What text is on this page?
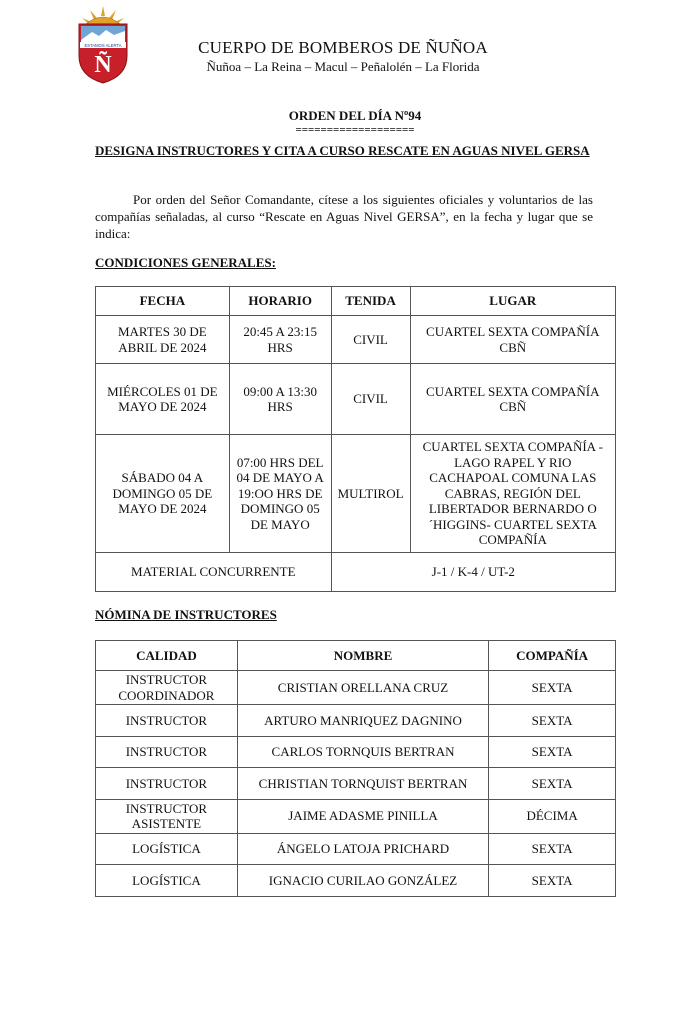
ESTAMOS ALERTA
Ñ
CUERPO DE BOMBEROS DE ÑUÑOA
Ñuñoa – La Reina – Macul – Peñalolén – La Florida
ORDEN DEL DÍA Nº94
===================
DESIGNA INSTRUCTORES Y CITA A CURSO RESCATE EN AGUAS NIVEL GERSA
Por orden del Señor Comandante, cítese a los siguientes oficiales y voluntarios de las compañías señaladas, al curso “Rescate en Aguas Nivel GERSA”, en la fecha y lugar que se indica:
CONDICIONES GENERALES:
FECHA	HORARIO	TENIDA	LUGAR
MARTES 30 DE ABRIL DE 2024	20:45 A 23:15 HRS	CIVIL	CUARTEL SEXTA COMPAÑÍA CBÑ
MIÉRCOLES 01 DE MAYO DE 2024	09:00 A 13:30 HRS	CIVIL	CUARTEL SEXTA COMPAÑÍA CBÑ
SÁBADO 04 A DOMINGO 05 DE MAYO DE 2024	07:00 HRS DEL 04 DE MAYO A 19:OO HRS DE DOMINGO 05 DE MAYO	MULTIROL	CUARTEL SEXTA COMPAÑÍA - LAGO RAPEL Y RIO CACHAPOAL COMUNA LAS CABRAS, REGIÓN DEL LIBERTADOR BERNARDO O´HIGGINS- CUARTEL SEXTA COMPAÑÍA
MATERIAL CONCURRENTE		J-1 / K-4 / UT-2	
NÓMINA DE INSTRUCTORES
CALIDAD	NOMBRE	COMPAÑÍA
INSTRUCTOR COORDINADOR	CRISTIAN ORELLANA CRUZ	SEXTA
INSTRUCTOR	ARTURO MANRIQUEZ DAGNINO	SEXTA
INSTRUCTOR	CARLOS TORNQUIS BERTRAN	SEXTA
INSTRUCTOR	CHRISTIAN TORNQUIST BERTRAN	SEXTA
INSTRUCTOR ASISTENTE	JAIME ADASME PINILLA	DÉCIMA
LOGÍSTICA	ÁNGELO LATOJA PRICHARD	SEXTA
LOGÍSTICA	IGNACIO CURILAO GONZÁLEZ	SEXTA
